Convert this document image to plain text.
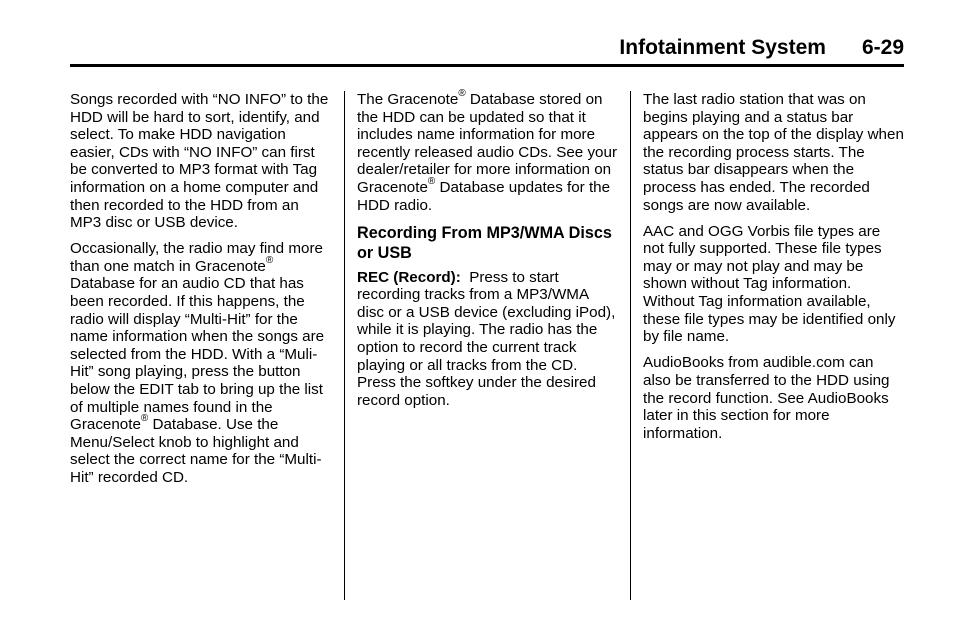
Infotainment System 6-29

Songs recorded with “NO INFO” to the HDD will be hard to sort, identify, and select. To make HDD navigation easier, CDs with “NO INFO” can first be converted to MP3 format with Tag information on a home computer and then recorded to the HDD from an MP3 disc or USB device.

Occasionally, the radio may find more than one match in Gracenote® Database for an audio CD that has been recorded. If this happens, the radio will display “Multi-Hit” for the name information when the songs are selected from the HDD. With a “Muli-Hit” song playing, press the button below the EDIT tab to bring up the list of multiple names found in the Gracenote® Database. Use the Menu/Select knob to highlight and select the correct name for the “Multi-Hit” recorded CD.

The Gracenote® Database stored on the HDD can be updated so that it includes name information for more recently released audio CDs. See your dealer/retailer for more information on Gracenote® Database updates for the HDD radio.

Recording From MP3/WMA Discs or USB

REC (Record):  Press to start recording tracks from a MP3/WMA disc or a USB device (excluding iPod), while it is playing. The radio has the option to record the current track playing or all tracks from the CD. Press the softkey under the desired record option.

The last radio station that was on begins playing and a status bar appears on the top of the display when the recording process starts. The status bar disappears when the process has ended. The recorded songs are now available.

AAC and OGG Vorbis file types are not fully supported. These file types may or may not play and may be shown without Tag information. Without Tag information available, these file types may be identified only by file name.

AudioBooks from audible.com can also be transferred to the HDD using the record function. See AudioBooks later in this section for more information.
